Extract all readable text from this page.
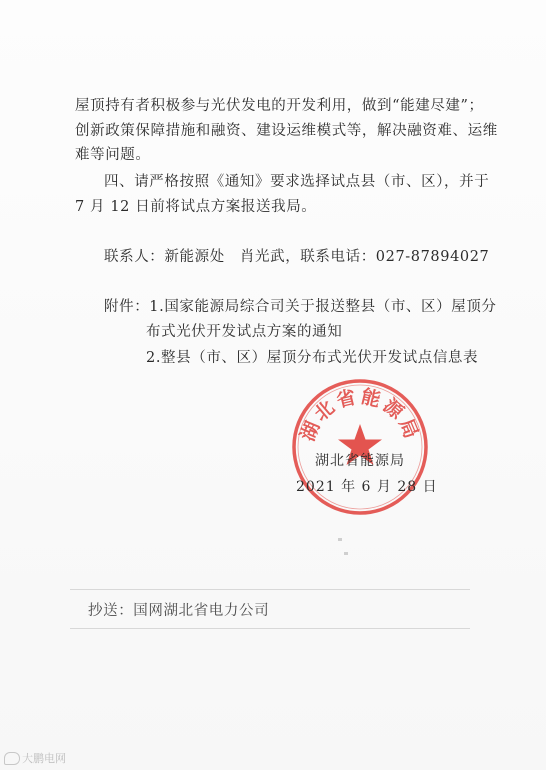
屋顶持有者积极参与光伏发电的开发利用，做到“能建尽建”；
创新政策保障措施和融资、建设运维模式等，解决融资难、运维
难等问题。
四、请严格按照《通知》要求选择试点县（市、区），并于
7 月 12 日前将试点方案报送我局。
联系人：新能源处　肖光武，联系电话：027-87894027
附件：1.国家能源局综合司关于报送整县（市、区）屋顶分
布式光伏开发试点方案的通知
2.整县（市、区）屋顶分布式光伏开发试点信息表
湖北省能源局
湖北省能源局
2021 年 6 月 28 日
抄送：国网湖北省电力公司
大鹏电网
